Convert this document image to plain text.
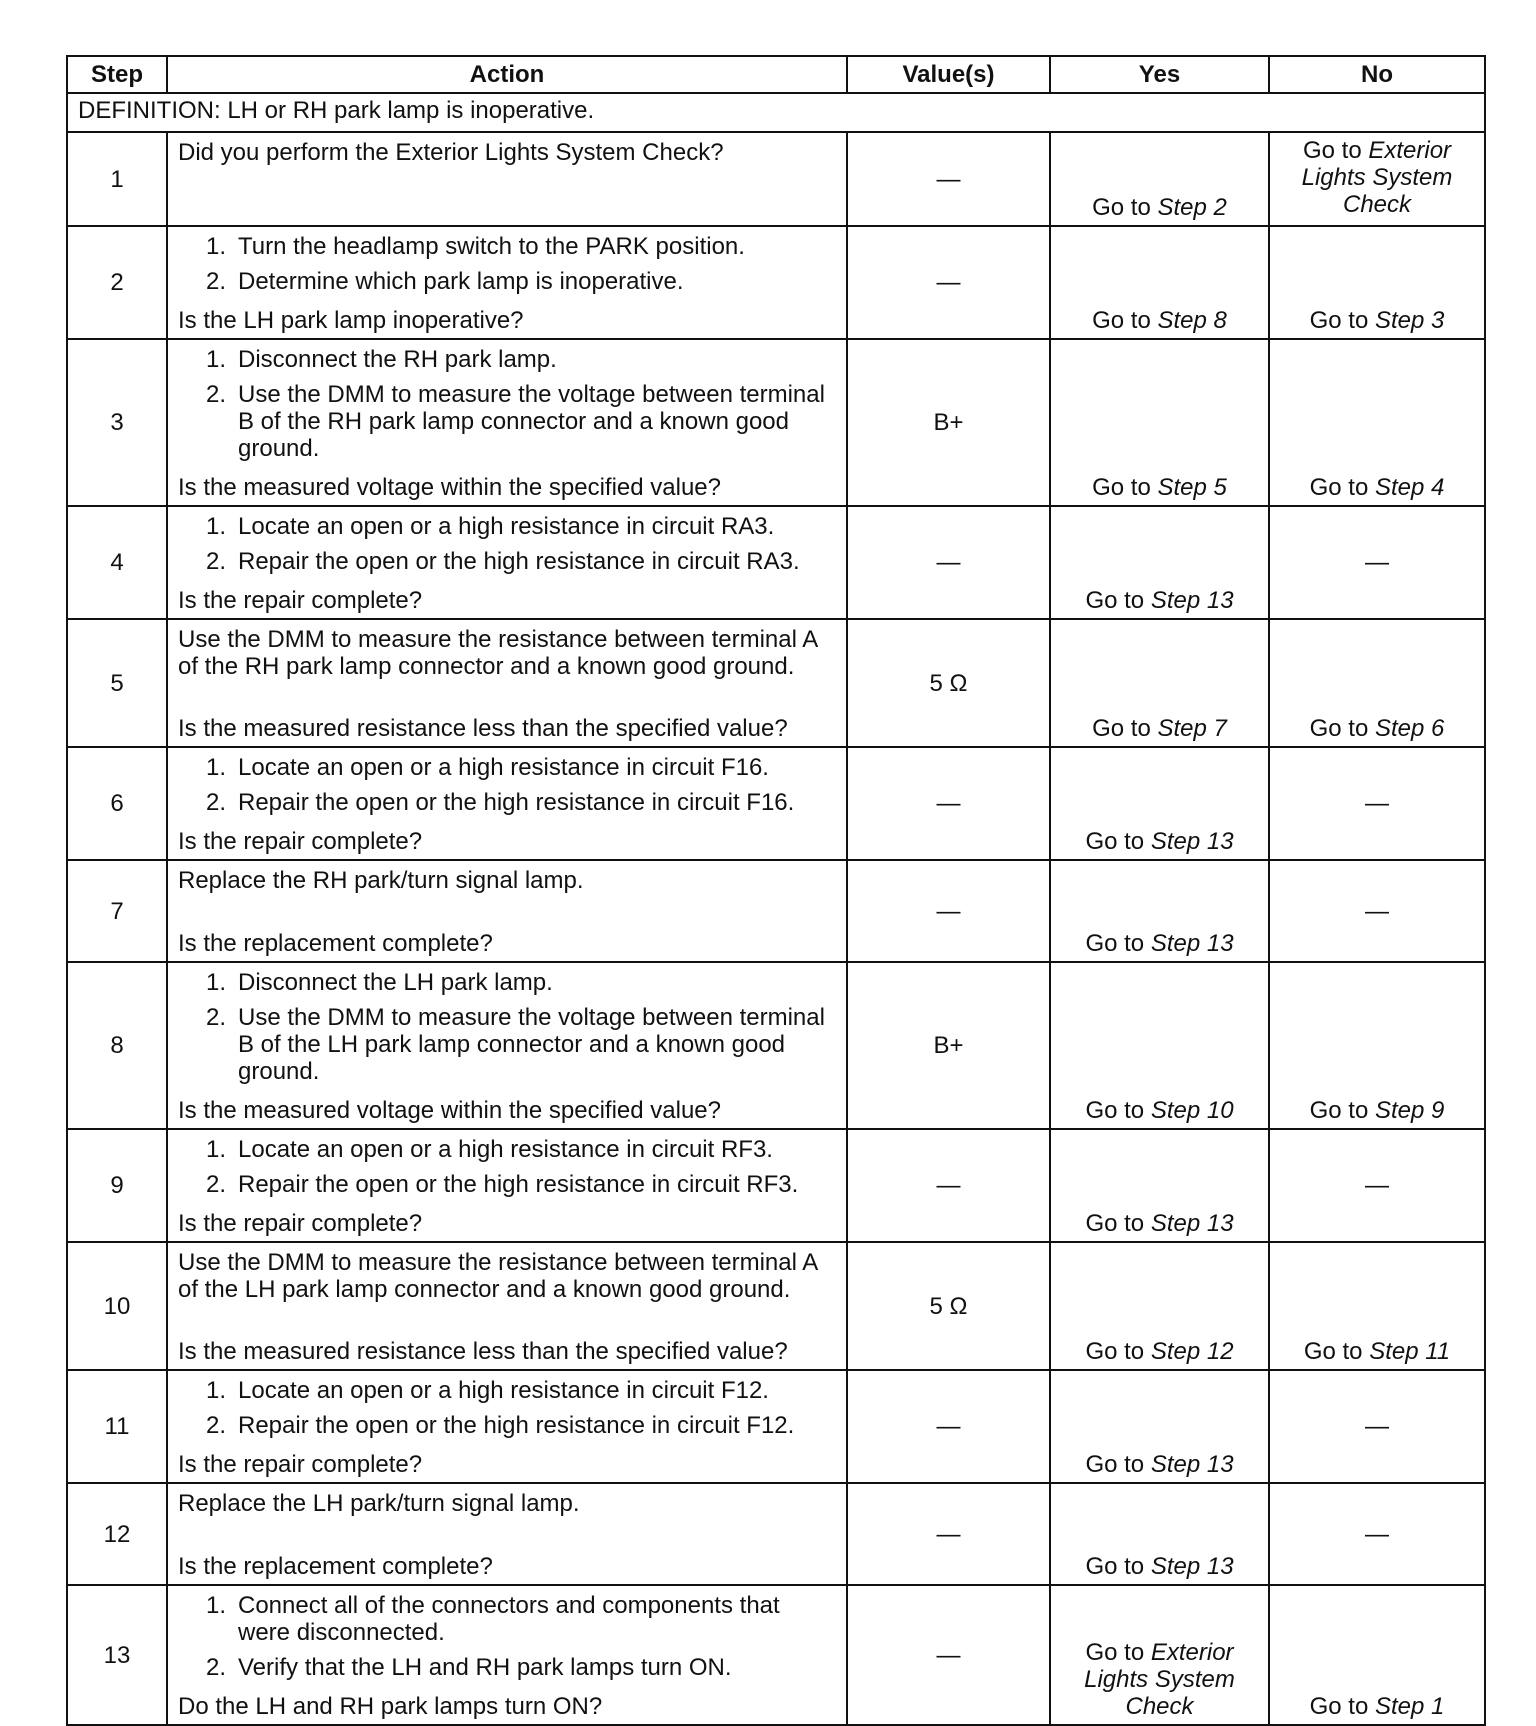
Step	Action	Value(s)	Yes	No
DEFINITION: LH or RH park lamp is inoperative.				
1	Did you perform the Exterior Lights System Check?	—	Go to Step 2	Go to Exterior Lights System Check

2	1. Turn the headlamp switch to the PARK position.
2. Determine which park lamp is inoperative.
Is the LH park lamp inoperative?	—	Go to Step 8	Go to Step 3

3	1. Disconnect the RH park lamp.
2. Use the DMM to measure the voltage between terminal B of the RH park lamp connector and a known good ground.
Is the measured voltage within the specified value?	B+	Go to Step 5	Go to Step 4

4	1. Locate an open or a high resistance in circuit RA3.
2. Repair the open or the high resistance in circuit RA3.
Is the repair complete?	—	Go to Step 13	—
5	Use the DMM to measure the resistance between terminal A of the RH park lamp connector and a known good ground.
Is the measured resistance less than the specified value?	5 Ω	Go to Step 7	Go to Step 6

6	1. Locate an open or a high resistance in circuit F16.
2. Repair the open or the high resistance in circuit F16.
Is the repair complete?	—	Go to Step 13	—
7	Replace the RH park/turn signal lamp.
Is the replacement complete?	—	Go to Step 13	—
8	1. Disconnect the LH park lamp.
2. Use the DMM to measure the voltage between terminal B of the LH park lamp connector and a known good ground.
Is the measured voltage within the specified value?	B+	Go to Step 10	Go to Step 9

9	1. Locate an open or a high resistance in circuit RF3.
2. Repair the open or the high resistance in circuit RF3.
Is the repair complete?	—	Go to Step 13	—
10	Use the DMM to measure the resistance between terminal A of the LH park lamp connector and a known good ground.
Is the measured resistance less than the specified value?	5 Ω	Go to Step 12	Go to Step 11

11	1. Locate an open or a high resistance in circuit F12.
2. Repair the open or the high resistance in circuit F12.
Is the repair complete?	—	Go to Step 13	—
12	Replace the LH park/turn signal lamp.
Is the replacement complete?	—	Go to Step 13	—
13	1. Connect all of the connectors and components that were disconnected.
2. Verify that the LH and RH park lamps turn ON.
Do the LH and RH park lamps turn ON?	—	Go to Exterior Lights System Check	Go to Step 1
